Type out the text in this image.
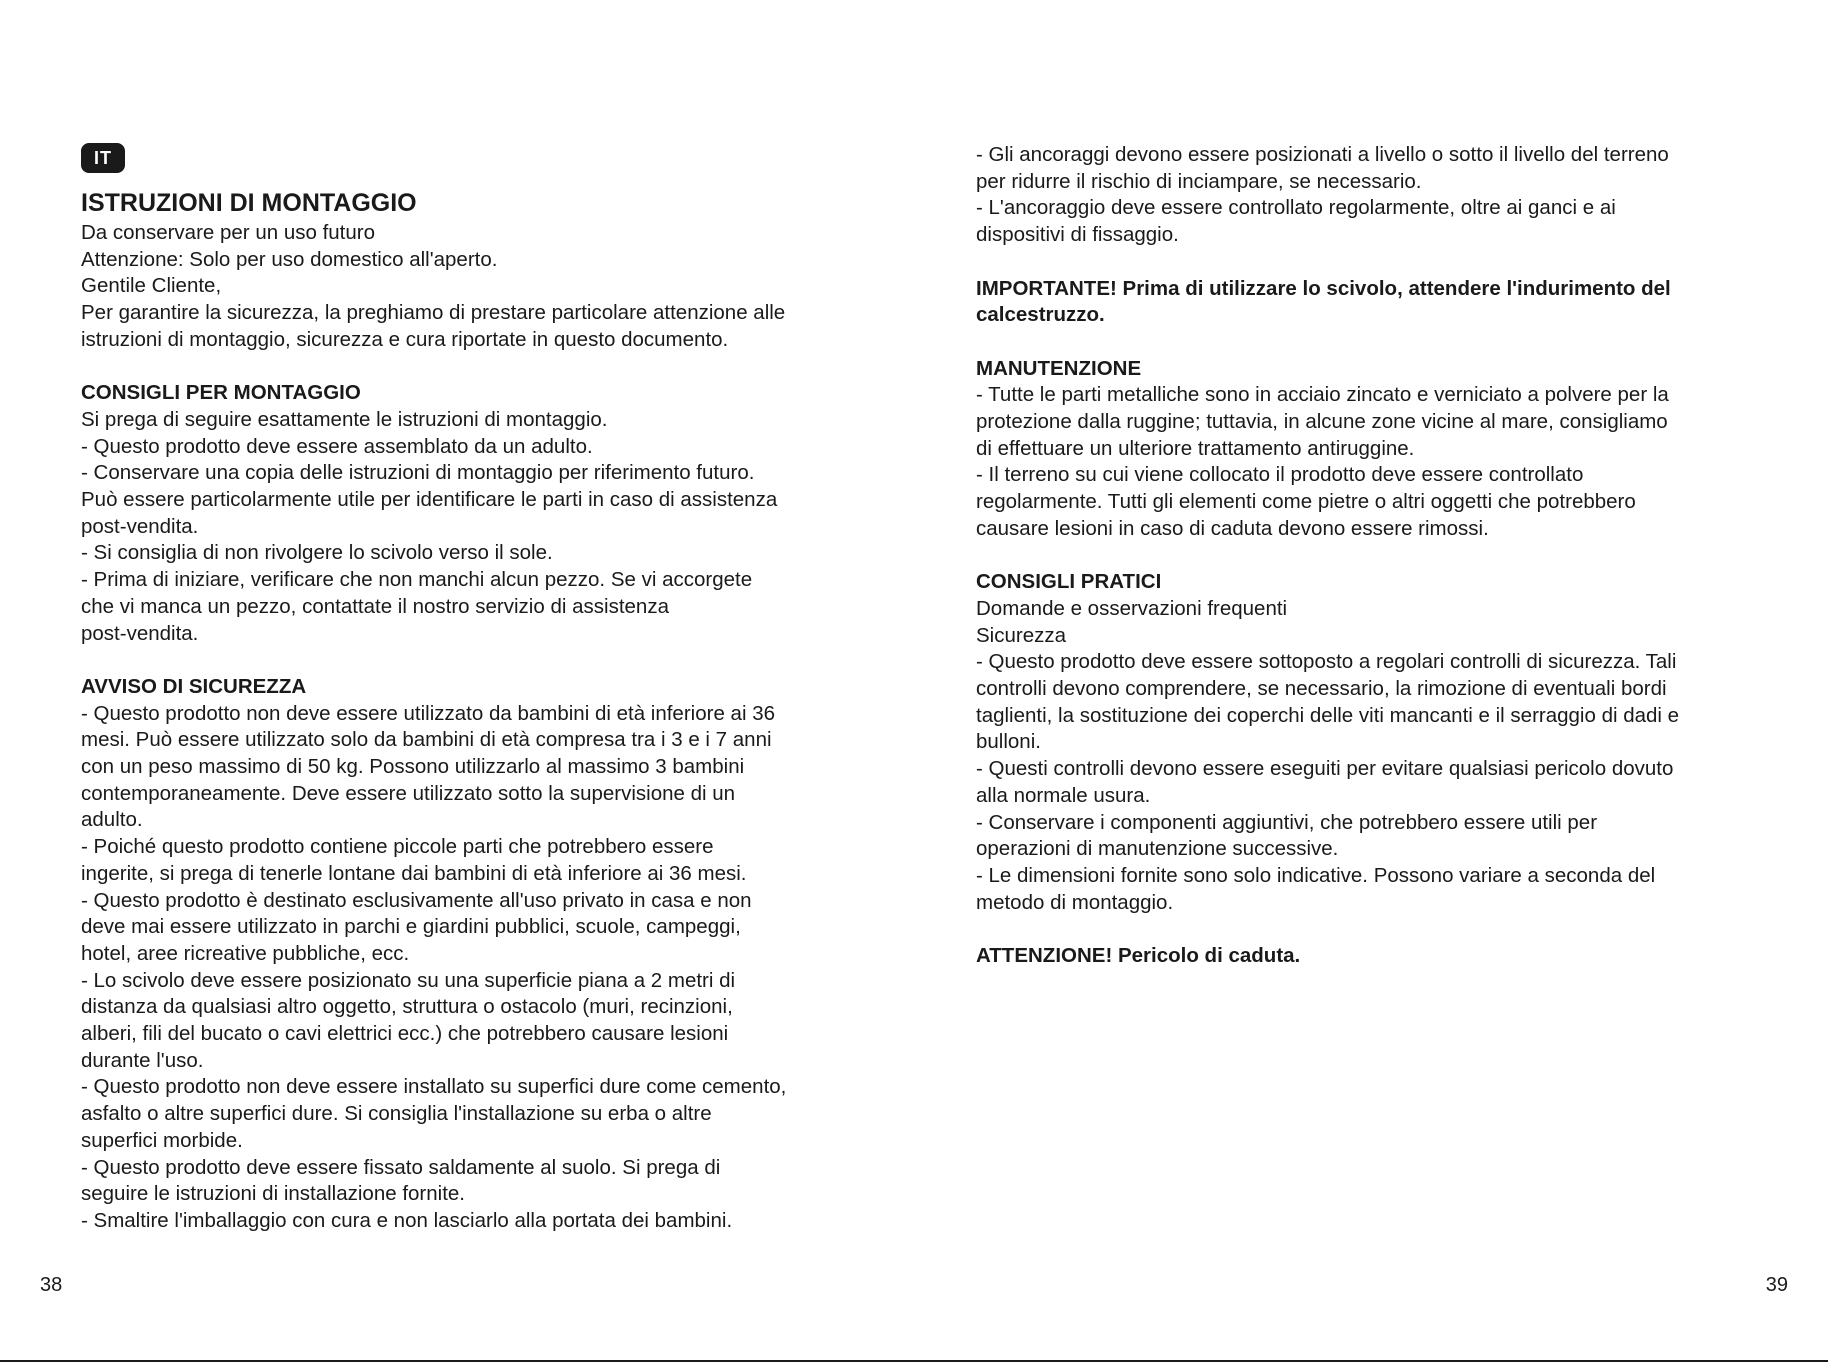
IT
ISTRUZIONI DI MONTAGGIO

Da conservare per un uso futuro

Attenzione: Solo per uso domestico all'aperto.

Gentile Cliente,

Per garantire la sicurezza, la preghiamo di prestare particolare attenzione alle

istruzioni di montaggio, sicurezza e cura riportate in questo documento.

CONSIGLI PER MONTAGGIO

Si prega di seguire esattamente le istruzioni di montaggio.

- Questo prodotto deve essere assemblato da un adulto.

- Conservare una copia delle istruzioni di montaggio per riferimento futuro.

Può essere particolarmente utile per identificare le parti in caso di assistenza

post-vendita.

- Si consiglia di non rivolgere lo scivolo verso il sole.

- Prima di iniziare, verificare che non manchi alcun pezzo. Se vi accorgete

che vi manca un pezzo, contattate il nostro servizio di assistenza

post-vendita.

AVVISO DI SICUREZZA

- Questo prodotto non deve essere utilizzato da bambini di età inferiore ai 36

mesi. Può essere utilizzato solo da bambini di età compresa tra i 3 e i 7 anni

con un peso massimo di 50 kg. Possono utilizzarlo al massimo 3 bambini

contemporaneamente. Deve essere utilizzato sotto la supervisione di un

adulto.

- Poiché questo prodotto contiene piccole parti che potrebbero essere

ingerite, si prega di tenerle lontane dai bambini di età inferiore ai 36 mesi.

- Questo prodotto è destinato esclusivamente all'uso privato in casa e non

deve mai essere utilizzato in parchi e giardini pubblici, scuole, campeggi,

hotel, aree ricreative pubbliche, ecc.

- Lo scivolo deve essere posizionato su una superficie piana a 2 metri di

distanza da qualsiasi altro oggetto, struttura o ostacolo (muri, recinzioni,

alberi, fili del bucato o cavi elettrici ecc.) che potrebbero causare lesioni

durante l'uso.

- Questo prodotto non deve essere installato su superfici dure come cemento,

asfalto o altre superfici dure. Si consiglia l'installazione su erba o altre

superfici morbide.

- Questo prodotto deve essere fissato saldamente al suolo. Si prega di

seguire le istruzioni di installazione fornite.

- Smaltire l'imballaggio con cura e non lasciarlo alla portata dei bambini.

38

- Gli ancoraggi devono essere posizionati a livello o sotto il livello del terreno

per ridurre il rischio di inciampare, se necessario.

- L'ancoraggio deve essere controllato regolarmente, oltre ai ganci e ai

dispositivi di fissaggio.

IMPORTANTE! Prima di utilizzare lo scivolo, attendere l'indurimento del

calcestruzzo.

MANUTENZIONE

- Tutte le parti metalliche sono in acciaio zincato e verniciato a polvere per la

protezione dalla ruggine; tuttavia, in alcune zone vicine al mare, consigliamo

di effettuare un ulteriore trattamento antiruggine.

- Il terreno su cui viene collocato il prodotto deve essere controllato

regolarmente. Tutti gli elementi come pietre o altri oggetti che potrebbero

causare lesioni in caso di caduta devono essere rimossi.

CONSIGLI PRATICI

Domande e osservazioni frequenti

Sicurezza

- Questo prodotto deve essere sottoposto a regolari controlli di sicurezza. Tali

controlli devono comprendere, se necessario, la rimozione di eventuali bordi

taglienti, la sostituzione dei coperchi delle viti mancanti e il serraggio di dadi e

bulloni.

- Questi controlli devono essere eseguiti per evitare qualsiasi pericolo dovuto

alla normale usura.

- Conservare i componenti aggiuntivi, che potrebbero essere utili per

operazioni di manutenzione successive.

- Le dimensioni fornite sono solo indicative. Possono variare a seconda del

metodo di montaggio.

ATTENZIONE! Pericolo di caduta.

39
